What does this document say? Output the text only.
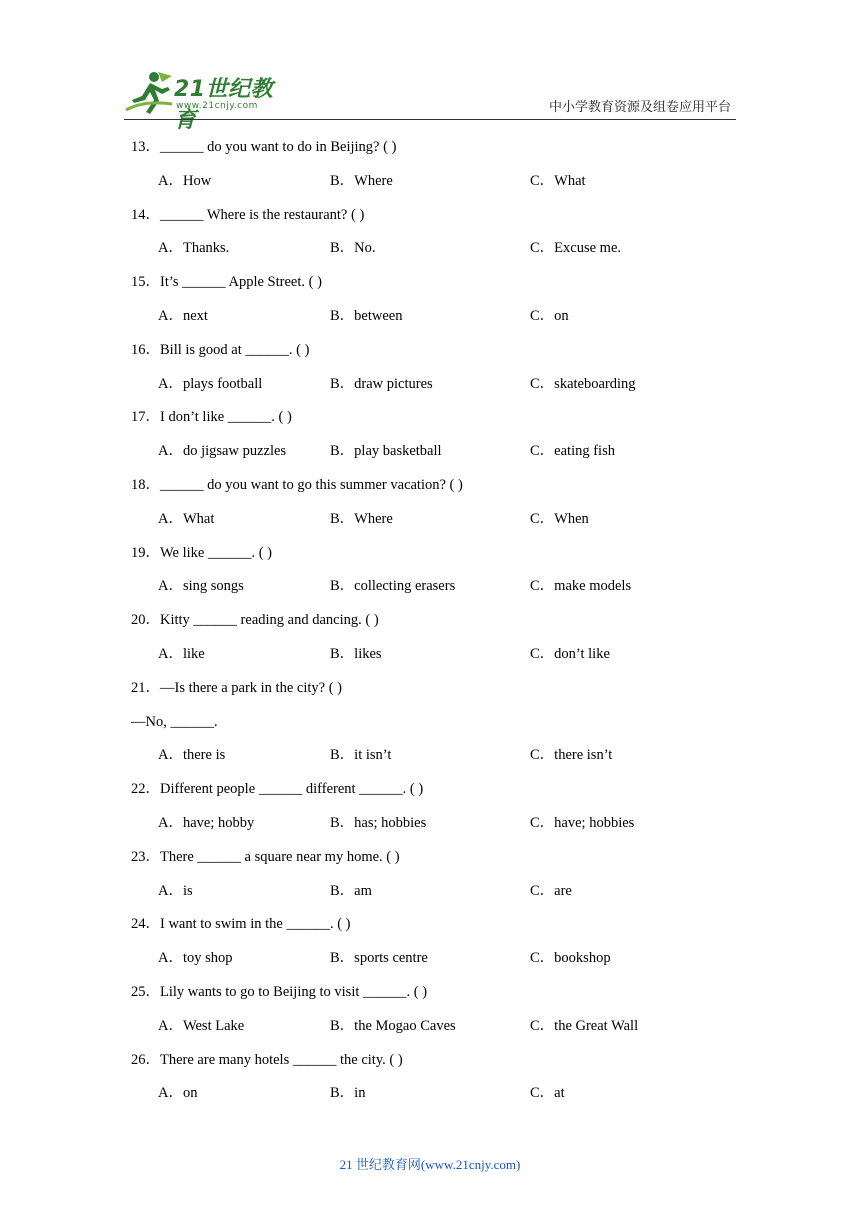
21世纪教育
www.21cnjy.com	中小学教育资源及组卷应用平台
13．______ do you want to do in Beijing? ( )
A．How	B．Where	C．What
14．______ Where is the restaurant? ( )
A．Thanks.	B．No.	C．Excuse me.
15．It’s ______ Apple Street. ( )
A．next	B．between	C．on
16．Bill is good at ______. ( )
A．plays football	B．draw pictures	C．skateboarding
17．I don’t like ______. ( )
A．do jigsaw puzzles	B．play basketball	C．eating fish
18．______ do you want to go this summer vacation? ( )
A．What	B．Where	C．When
19．We like ______. ( )
A．sing songs	B．collecting erasers	C．make models
20．Kitty ______ reading and dancing. ( )
A．like	B．likes	C．don’t like
21．—Is there a park in the city? ( )
—No, ______.
A．there is	B．it isn’t	C．there isn’t
22．Different people ______ different ______. ( )
A．have; hobby	B．has; hobbies	C．have; hobbies
23．There ______ a square near my home. ( )
A．is	B．am	C．are
24．I want to swim in the ______. ( )
A．toy shop	B．sports centre	C．bookshop
25．Lily wants to go to Beijing to visit ______. ( )
A．West Lake	B．the Mogao Caves	C．the Great Wall
26．There are many hotels ______ the city. ( )
A．on	B．in	C．at
21 世纪教育网(www.21cnjy.com)
